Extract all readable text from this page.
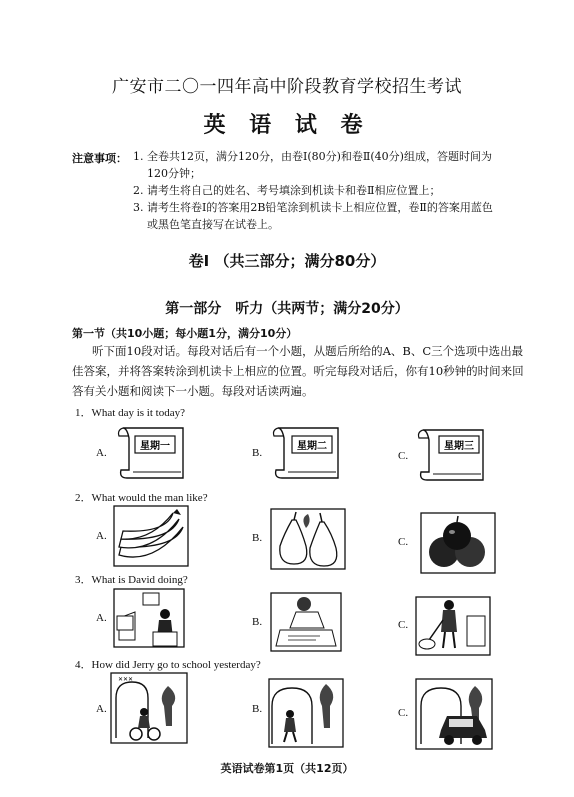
广安市二〇一四年高中阶段教育学校招生考试
英 语 试 卷
注意事项： 1. 全卷共12页，满分120分，由卷Ⅰ(80分)和卷Ⅱ(40分)组成，答题时间为
120分钟；
2. 请考生将自己的姓名、考号填涂到机读卡和卷Ⅱ相应位置上；
3. 请考生将卷Ⅰ的答案用2B铅笔涂到机读卡上相应位置，卷Ⅱ的答案用蓝色
或黑色笔直接写在试卷上。
卷Ⅰ （共三部分；满分80分）
第一部分　听力（共两节；满分20分）
第一节（共10小题；每小题1分，满分10分）
听下面10段对话。每段对话后有一个小题，从题后所给的A、B、C三个选项中选出最
佳答案，并将答案转涂到机读卡上相应的位置。听完每段对话后，你有10秒钟的时间来回
答有关小题和阅读下一小题。每段对话读两遍。
1．What day is it today?
A.	B.	C.
星期一	星期二	星期三
2．What would the man like?
A.	B.	C.
3．What is David doing?
A.	B.	C.
4．How did Jerry go to school yesterday?
A.	B.	C.
✕✕✕
英语试卷第1页（共12页）
